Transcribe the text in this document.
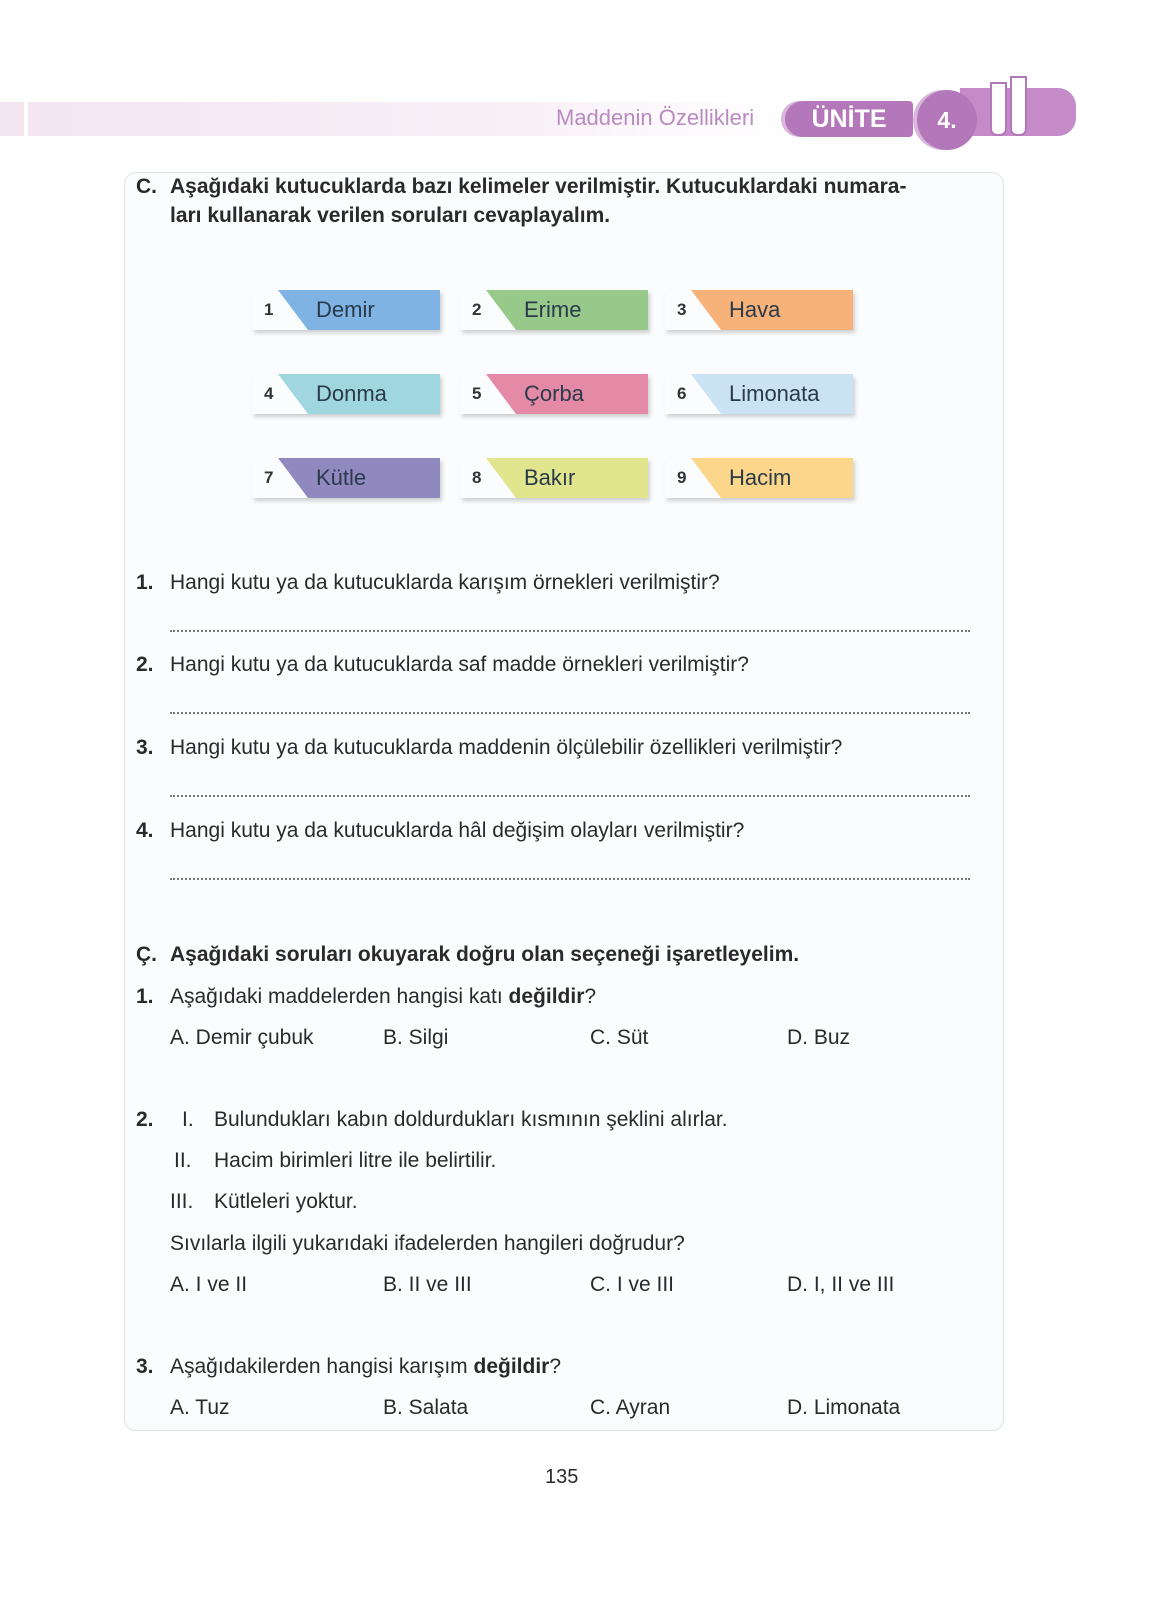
Maddenin Özellikleri	ÜNİTE	4.
C. Aşağıdaki kutucuklarda bazı kelimeler verilmiştir. Kutucuklardaki numara-
ları kullanarak verilen soruları cevaplayalım.
1 Demir	2 Erime	3 Hava
4 Donma	5 Çorba	6 Limonata
7 Kütle	8 Bakır	9 Hacim
1. Hangi kutu ya da kutucuklarda karışım örnekleri verilmiştir?
2. Hangi kutu ya da kutucuklarda saf madde örnekleri verilmiştir?
3. Hangi kutu ya da kutucuklarda maddenin ölçülebilir özellikleri verilmiştir?
4. Hangi kutu ya da kutucuklarda hâl değişim olayları verilmiştir?
Ç. Aşağıdaki soruları okuyarak doğru olan seçeneği işaretleyelim.
1. Aşağıdaki maddelerden hangisi katı değildir?
A. Demir çubuk	B. Silgi	C. Süt	D. Buz
2. I. Bulundukları kabın doldurdukları kısmının şeklini alırlar.
II. Hacim birimleri litre ile belirtilir.
III. Kütleleri yoktur.
Sıvılarla ilgili yukarıdaki ifadelerden hangileri doğrudur?
A. I ve II	B. II ve III	C. I ve III	D. I, II ve III
3. Aşağıdakilerden hangisi karışım değildir?
A. Tuz	B. Salata	C. Ayran	D. Limonata
135
